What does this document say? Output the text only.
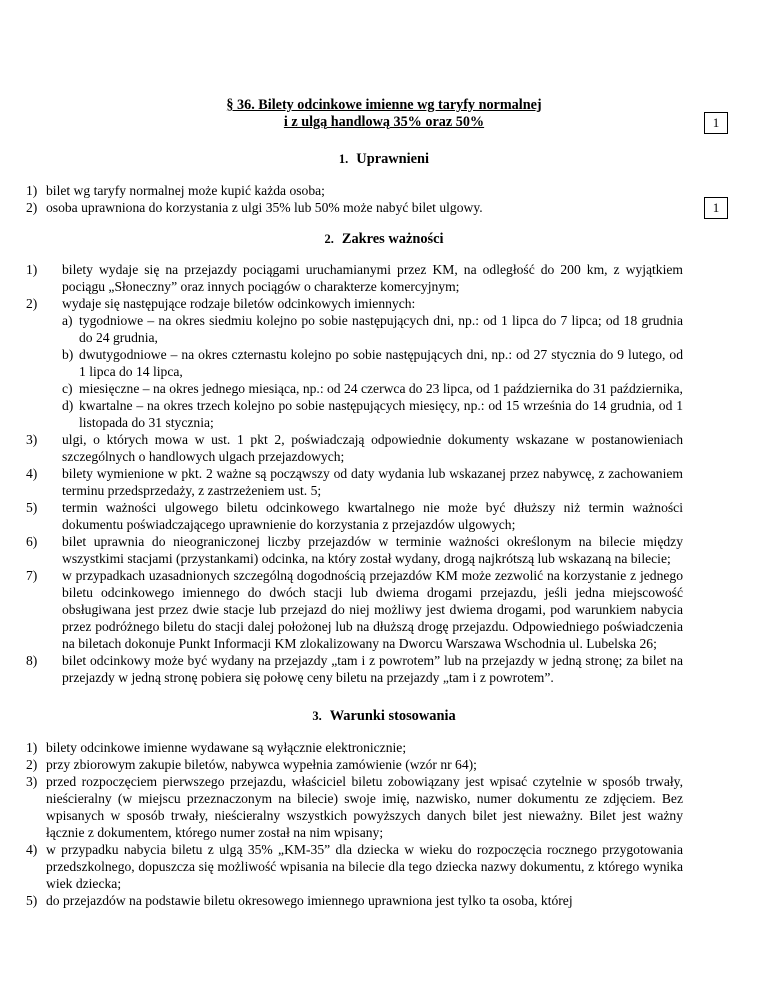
§ 36. Bilety odcinkowe imienne wg taryfy normalnej
i z ulgą handlową 35% oraz 50%	1
1
1. Uprawnieni
1) bilet wg taryfy normalnej może kupić każda osoba;
2) osoba uprawniona do korzystania z ulgi 35% lub 50% może nabyć bilet ulgowy.
2. Zakres ważności
1) bilety wydaje się na przejazdy pociągami uruchamianymi przez KM, na odległość do 200 km, z wyjątkiem pociągu „Słoneczny” oraz innych pociągów o charakterze komercyjnym;
2) wydaje się następujące rodzaje biletów odcinkowych imiennych:
a) tygodniowe – na okres siedmiu kolejno po sobie następujących dni, np.: od 1 lipca do 7 lipca; od 18 grudnia do 24 grudnia,
b) dwutygodniowe – na okres czternastu kolejno po sobie następujących dni, np.: od 27 stycznia do 9 lutego, od 1 lipca do 14 lipca,
c) miesięczne – na okres jednego miesiąca, np.: od 24 czerwca do 23 lipca, od 1 października do 31 października,
d) kwartalne – na okres trzech kolejno po sobie następujących miesięcy, np.: od 15 września do 14 grudnia, od 1 listopada do 31 stycznia;
3) ulgi, o których mowa w ust. 1 pkt 2, poświadczają odpowiednie dokumenty wskazane w postanowieniach szczególnych o handlowych ulgach przejazdowych;
4) bilety wymienione w pkt. 2 ważne są począwszy od daty wydania lub wskazanej przez nabywcę, z zachowaniem terminu przedsprzedaży, z zastrzeżeniem ust. 5;
5) termin ważności ulgowego biletu odcinkowego kwartalnego nie może być dłuższy niż termin ważności dokumentu poświadczającego uprawnienie do korzystania z przejazdów ulgowych;
6) bilet uprawnia do nieograniczonej liczby przejazdów w terminie ważności określonym na bilecie między wszystkimi stacjami (przystankami) odcinka, na który został wydany, drogą najkrótszą lub wskazaną na bilecie;
7) w przypadkach uzasadnionych szczególną dogodnością przejazdów KM może zezwolić na korzystanie z jednego biletu odcinkowego imiennego do dwóch stacji lub dwiema drogami przejazdu, jeśli jedna miejscowość obsługiwana jest przez dwie stacje lub przejazd do niej możliwy jest dwiema drogami, pod warunkiem nabycia przez podróżnego biletu do stacji dalej położonej lub na dłuższą drogę przejazdu. Odpowiedniego poświadczenia na biletach dokonuje Punkt Informacji KM zlokalizowany na Dworcu Warszawa Wschodnia ul. Lubelska 26;
8) bilet odcinkowy może być wydany na przejazdy „tam i z powrotem” lub na przejazdy w jedną stronę; za bilet na przejazdy w jedną stronę pobiera się połowę ceny biletu na przejazdy „tam i z powrotem”.
3. Warunki stosowania
1) bilety odcinkowe imienne wydawane są wyłącznie elektronicznie;
2) przy zbiorowym zakupie biletów, nabywca wypełnia zamówienie (wzór nr 64);
3) przed rozpoczęciem pierwszego przejazdu, właściciel biletu zobowiązany jest wpisać czytelnie w sposób trwały, nieścieralny (w miejscu przeznaczonym na bilecie) swoje imię, nazwisko, numer dokumentu ze zdjęciem. Bez wpisanych w sposób trwały, nieścieralny wszystkich powyższych danych bilet jest nieważny. Bilet jest ważny łącznie z dokumentem, którego numer został na nim wpisany;
4) w przypadku nabycia biletu z ulgą 35% „KM-35” dla dziecka w wieku do rozpoczęcia rocznego przygotowania przedszkolnego, dopuszcza się możliwość wpisania na bilecie dla tego dziecka nazwy dokumentu, z którego wynika wiek dziecka;
5) do przejazdów na podstawie biletu okresowego imiennego uprawniona jest tylko ta osoba, której
